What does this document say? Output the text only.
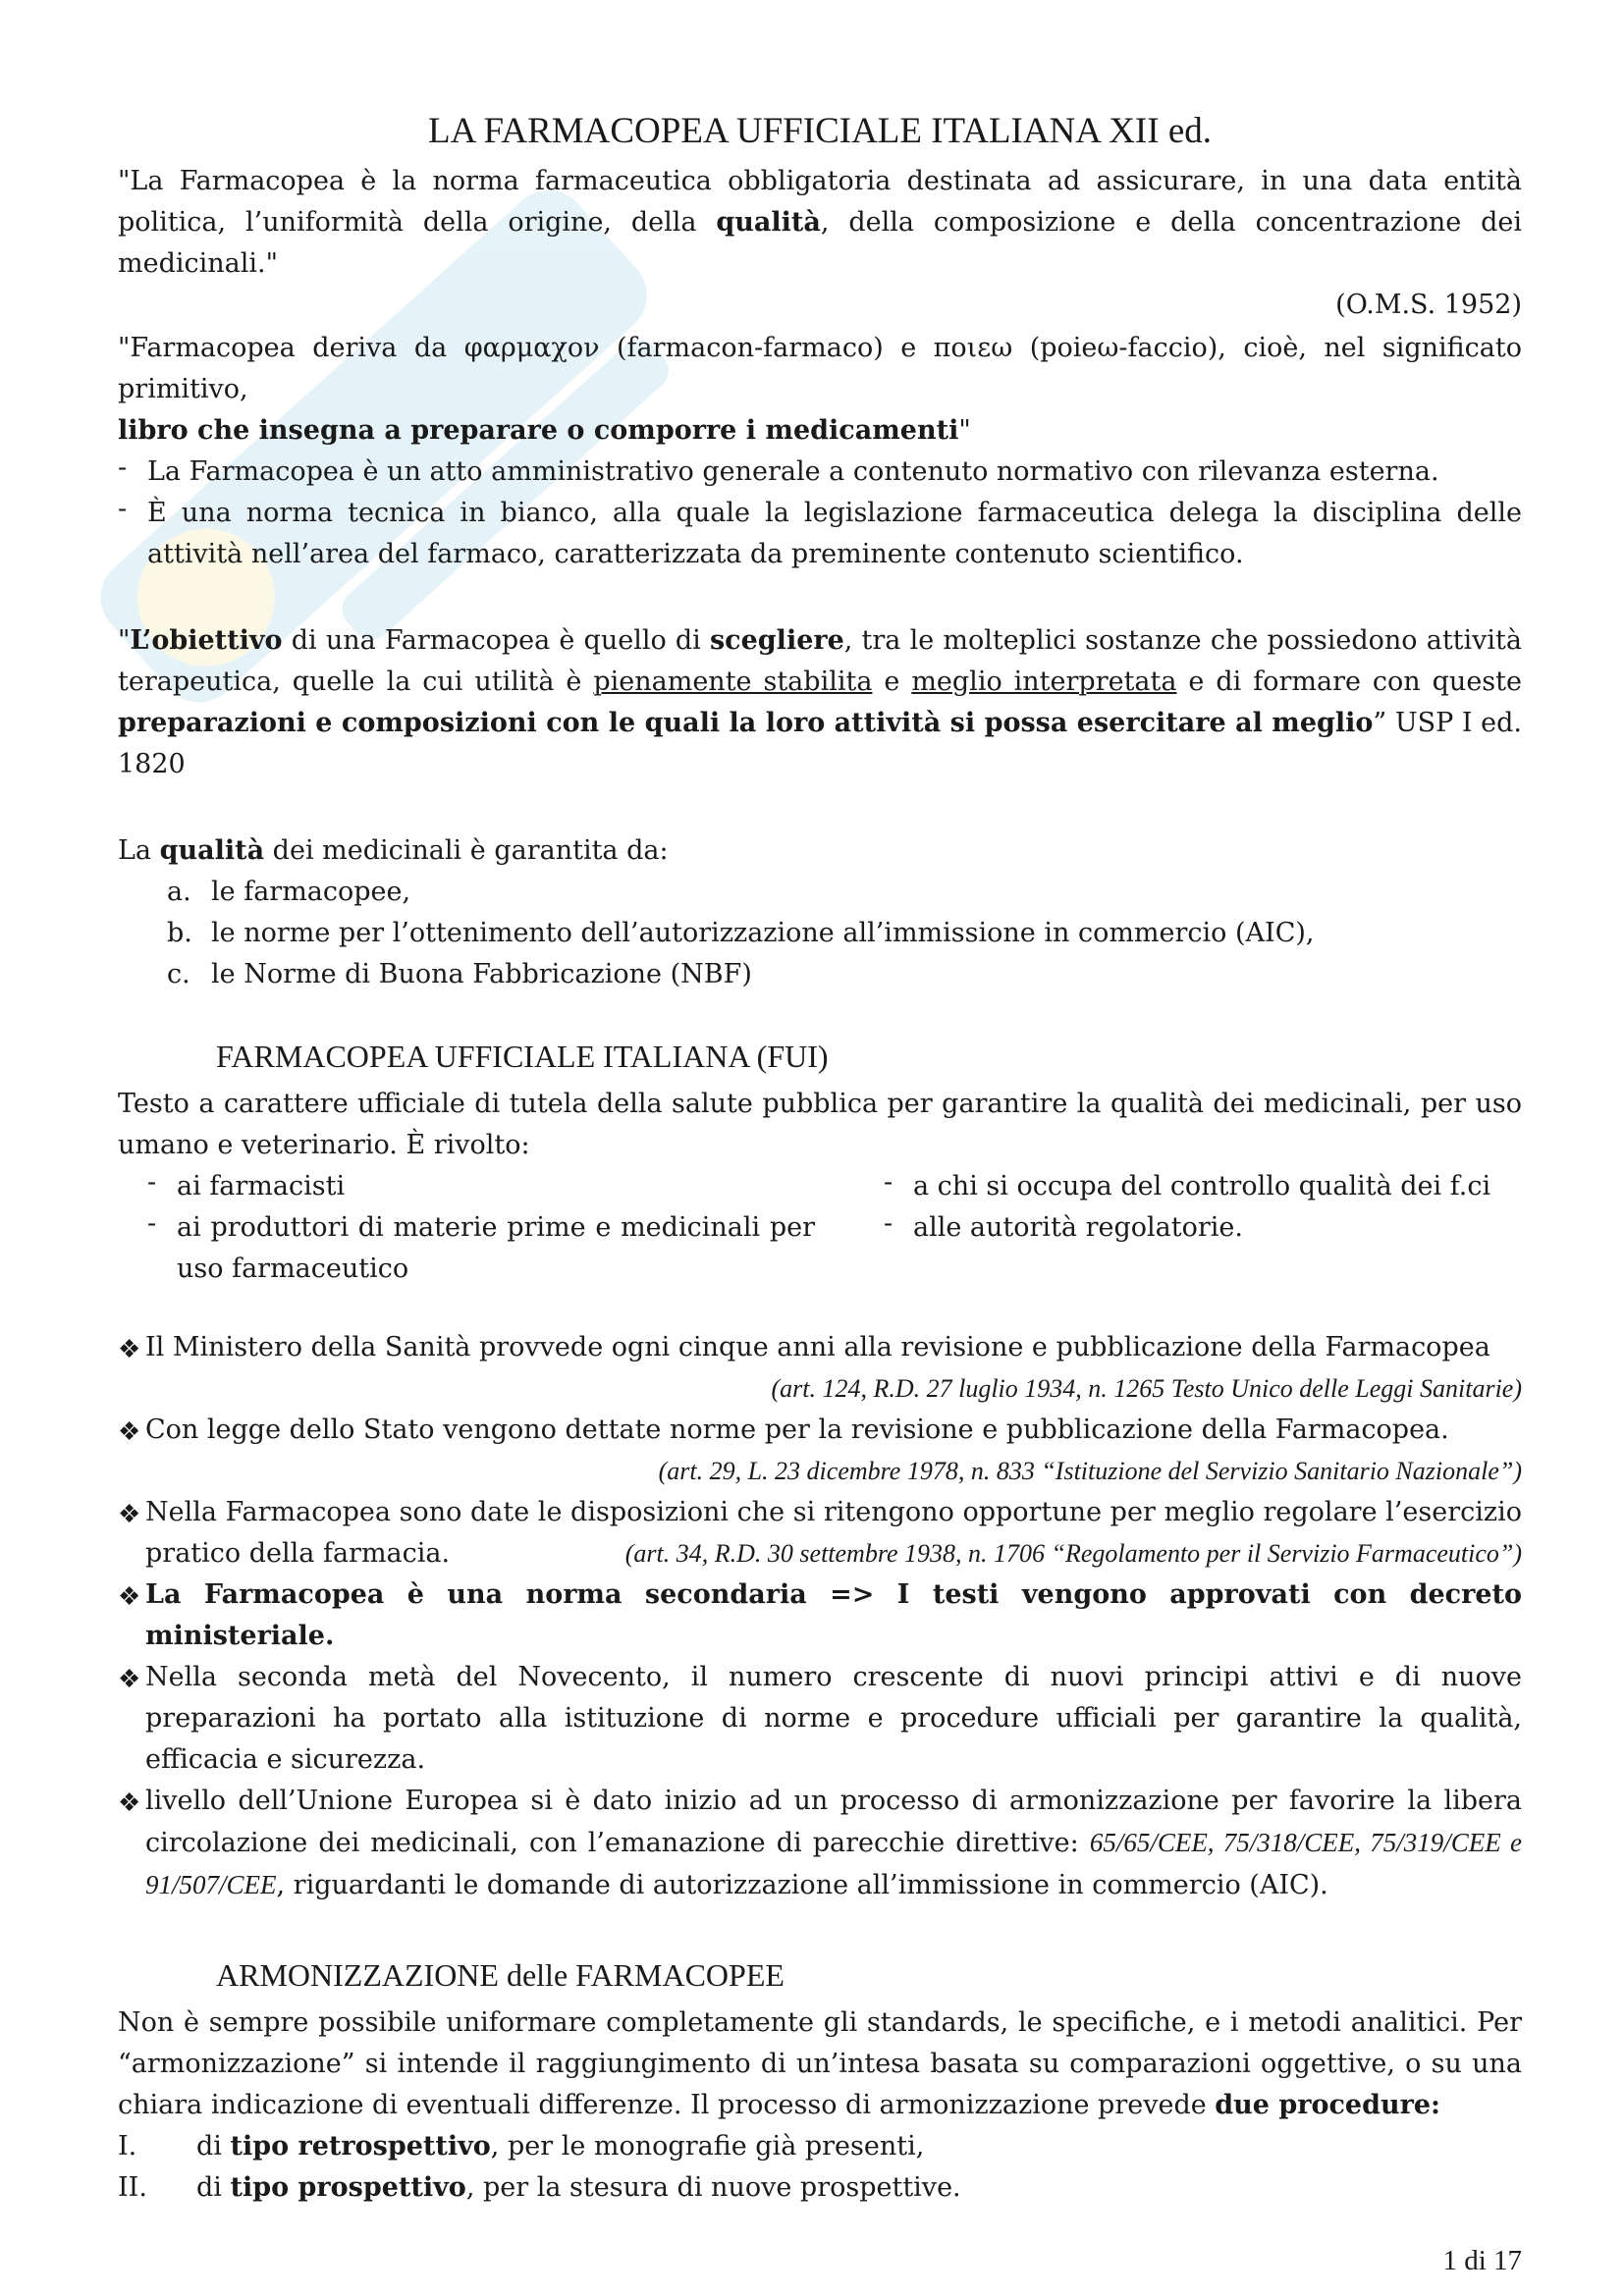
LA FARMACOPEA UFFICIALE ITALIANA XII ed.

"La Farmacopea è la norma farmaceutica obbligatoria destinata ad assicurare, in una data entità politica, l’uniformità della origine, della qualità, della composizione e della concentrazione dei medicinali."

(O.M.S. 1952)

"Farmacopea deriva da φαρμαχον (farmacon-farmaco) e ποιεω (poieω-faccio), cioè, nel significato primitivo,
libro che insegna a preparare o comporre i medicamenti"

- La Farmacopea è un atto amministrativo generale a contenuto normativo con rilevanza esterna.
- È una norma tecnica in bianco, alla quale la legislazione farmaceutica delega la disciplina delle attività nell’area del farmaco, caratterizzata da preminente contenuto scientifico.

"L’obiettivo di una Farmacopea è quello di scegliere, tra le molteplici sostanze che possiedono attività terapeutica, quelle la cui utilità è pienamente stabilita e meglio interpretata e di formare con queste preparazioni e composizioni con le quali la loro attività si possa esercitare al meglio” USP I ed. 1820

La qualità dei medicinali è garantita da:

a. le farmacopee,
b. le norme per l’ottenimento dell’autorizzazione all’immissione in commercio (AIC),
c. le Norme di Buona Fabbricazione (NBF)
FARMACOPEA UFFICIALE ITALIANA (FUI)

Testo a carattere ufficiale di tutela della salute pubblica per garantire la qualità dei medicinali, per uso umano e veterinario. È rivolto:

- ai farmacisti
- ai produttori di materie prime e medicinali per uso farmaceutico
- a chi si occupa del controllo qualità dei f.ci
- alle autorità regolatorie.
❖ Il Ministero della Sanità provvede ogni cinque anni alla revisione e pubblicazione della Farmacopea
(art. 124, R.D. 27 luglio 1934, n. 1265 Testo Unico delle Leggi Sanitarie)
❖ Con legge dello Stato vengono dettate norme per la revisione e pubblicazione della Farmacopea.
(art. 29, L. 23 dicembre 1978, n. 833 “Istituzione del Servizio Sanitario Nazionale”)
❖ Nella Farmacopea sono date le disposizioni che si ritengono opportune per meglio regolare l’esercizio pratico della farmacia.	(art. 34, R.D. 30 settembre 1938, n. 1706 “Regolamento per il Servizio Farmaceutico”)
❖ La Farmacopea è una norma secondaria => I testi vengono approvati con decreto ministeriale.
❖ Nella seconda metà del Novecento, il numero crescente di nuovi principi attivi e di nuove preparazioni ha portato alla istituzione di norme e procedure ufficiali per garantire la qualità, efficacia e sicurezza.
❖ livello dell’Unione Europea si è dato inizio ad un processo di armonizzazione per favorire la libera circolazione dei medicinali, con l’emanazione di parecchie direttive: 65/65/CEE, 75/318/CEE, 75/319/CEE e 91/507/CEE, riguardanti le domande di autorizzazione all’immissione in commercio (AIC).
ARMONIZZAZIONE delle FARMACOPEE

Non è sempre possibile uniformare completamente gli standards, le specifiche, e i metodi analitici. Per “armonizzazione” si intende il raggiungimento di un’intesa basata su comparazioni oggettive, o su una chiara indicazione di eventuali differenze. Il processo di armonizzazione prevede due procedure:

I. di tipo retrospettivo, per le monografie già presenti,
II. di tipo prospettivo, per la stesura di nuove prospettive.
1 di 17
